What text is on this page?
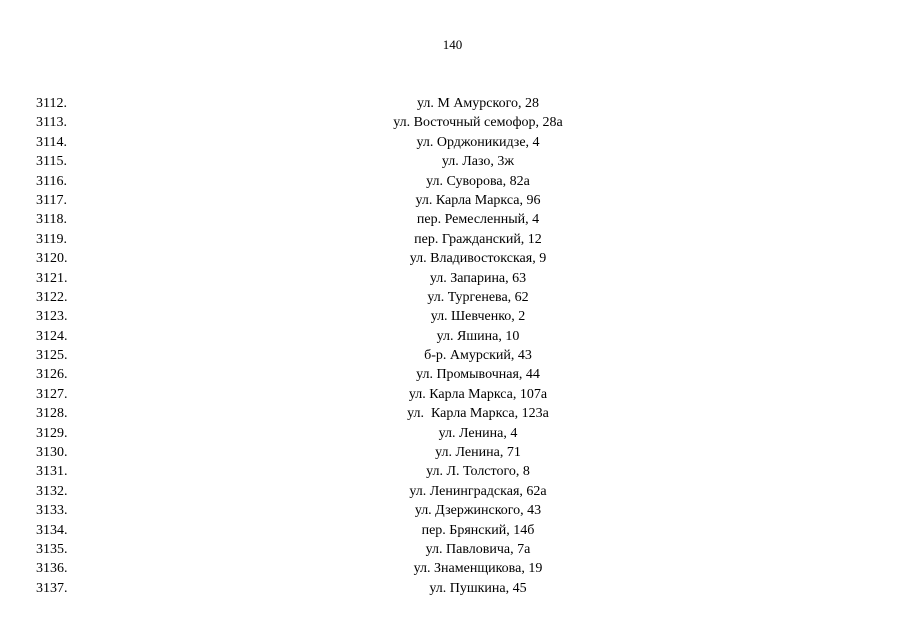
140
3112.	ул. М Амурского, 28
3113.	ул. Восточный семофор, 28а
3114.	ул. Орджоникидзе, 4
3115.	ул. Лазо, 3ж
3116.	ул. Суворова, 82а
3117.	ул. Карла Маркса, 96
3118.	пер. Ремесленный, 4
3119.	пер. Гражданский, 12
3120.	ул. Владивостокская, 9
3121.	ул. Запарина, 63
3122.	ул. Тургенева, 62
3123.	ул. Шевченко, 2
3124.	ул. Яшина, 10
3125.	б-р. Амурский, 43
3126.	ул. Промывочная, 44
3127.	ул. Карла Маркса, 107а
3128.	ул.  Карла Маркса, 123а
3129.	ул. Ленина, 4
3130.	ул. Ленина, 71
3131.	ул. Л. Толстого, 8
3132.	ул. Ленинградская, 62а
3133.	ул. Дзержинского, 43
3134.	пер. Брянский, 14б
3135.	ул. Павловича, 7а
3136.	ул. Знаменщикова, 19
3137.	ул. Пушкина, 45
